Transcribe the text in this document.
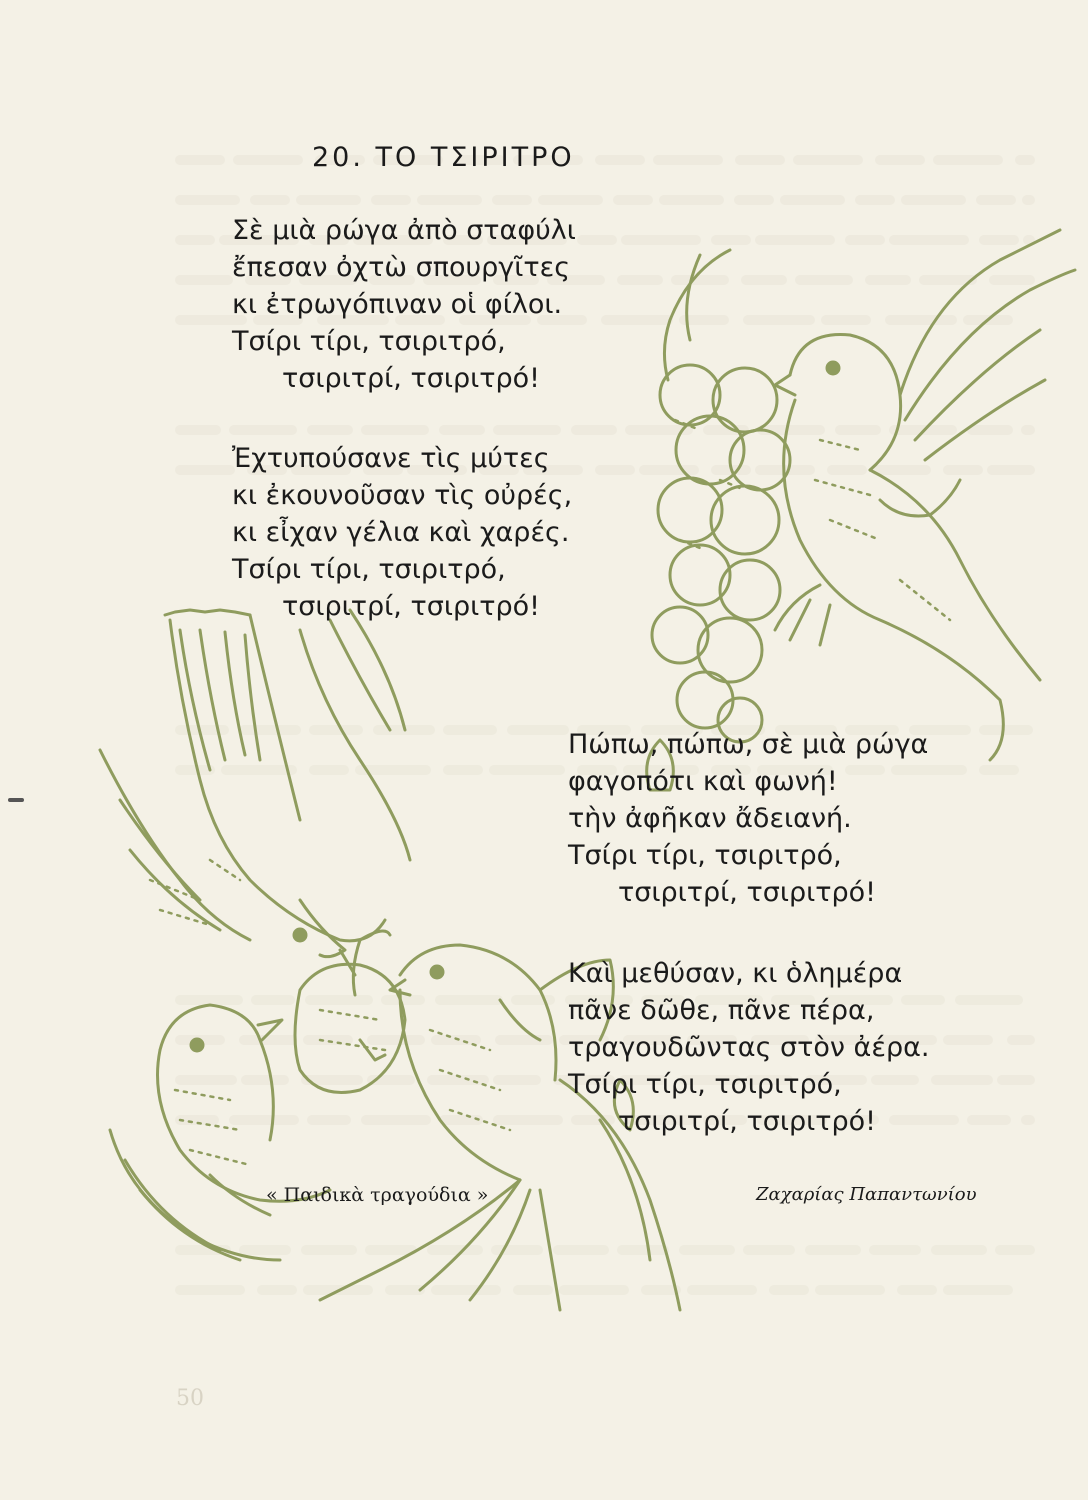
20. ΤΟ ΤΣΙΡΙΤΡΟ
Σὲ μιὰ ρώγα ἀπὸ σταφύλι
ἔπεσαν ὀχτὼ σπουργῖτες
κι ἐτρωγόπιναν οἱ φίλοι.
Τσίρι τίρι, τσιριτρό,
τσιριτρί, τσιριτρό!
Ἐχτυπούσανε τὶς μύτες
κι ἐκουνοῦσαν τὶς οὐρές,
κι εἶχαν γέλια καὶ χαρές.
Τσίρι τίρι, τσιριτρό,
τσιριτρί, τσιριτρό!
Πώπω, πώπω, σὲ μιὰ ρώγα
φαγοπότι καὶ φωνή!
τὴν ἀφῆκαν ἄδειανή.
Τσίρι τίρι, τσιριτρό,
τσιριτρί, τσιριτρό!
Καὶ μεθύσαν, κι ὁλημέρα
πᾶνε δῶθε, πᾶνε πέρα,
τραγουδῶντας στὸν ἀέρα.
Τσίρι τίρι, τσιριτρό,
τσιριτρί, τσιριτρό!
« Παιδικὰ τραγούδια »	Ζαχαρίας Παπαντωνίου
50
